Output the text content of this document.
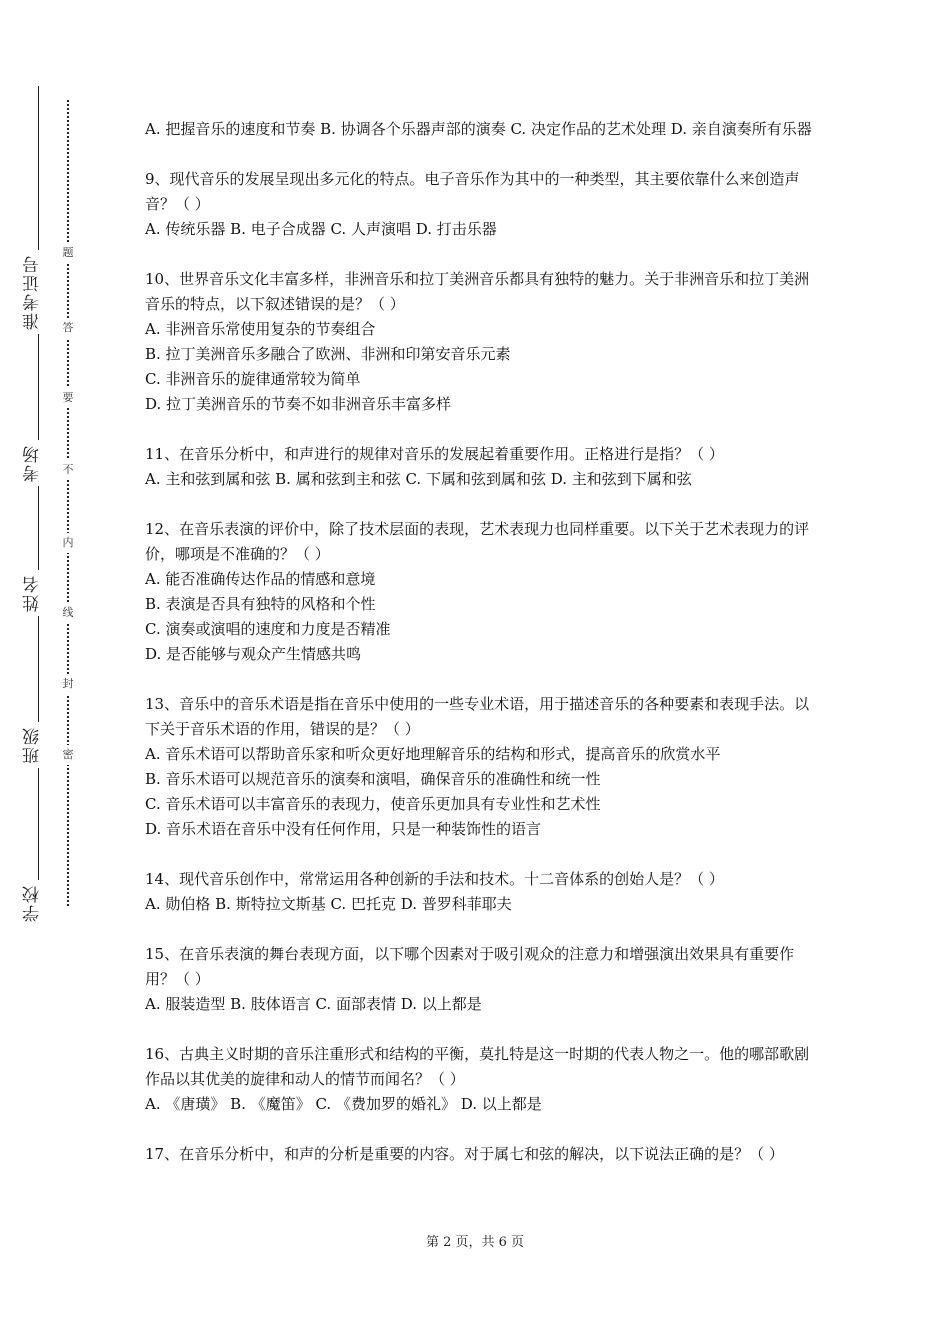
准考证号
考场
姓名
班级
学校
题
答
要
不
内
线
封
密

A. 把握音乐的速度和节奏 B. 协调各个乐器声部的演奏 C. 决定作品的艺术处理 D. 亲自演奏所有乐器

9、现代音乐的发展呈现出多元化的特点。电子音乐作为其中的一种类型，其主要依靠什么来创造声音？（ ）

A. 传统乐器 B. 电子合成器 C. 人声演唱 D. 打击乐器

10、世界音乐文化丰富多样，非洲音乐和拉丁美洲音乐都具有独特的魅力。关于非洲音乐和拉丁美洲音乐的特点，以下叙述错误的是？（ ）

A. 非洲音乐常使用复杂的节奏组合

B. 拉丁美洲音乐多融合了欧洲、非洲和印第安音乐元素

C. 非洲音乐的旋律通常较为简单

D. 拉丁美洲音乐的节奏不如非洲音乐丰富多样

11、在音乐分析中，和声进行的规律对音乐的发展起着重要作用。正格进行是指？（ ）

A. 主和弦到属和弦 B. 属和弦到主和弦 C. 下属和弦到属和弦 D. 主和弦到下属和弦

12、在音乐表演的评价中，除了技术层面的表现，艺术表现力也同样重要。以下关于艺术表现力的评价，哪项是不准确的？（ ）

A. 能否准确传达作品的情感和意境

B. 表演是否具有独特的风格和个性

C. 演奏或演唱的速度和力度是否精准

D. 是否能够与观众产生情感共鸣

13、音乐中的音乐术语是指在音乐中使用的一些专业术语，用于描述音乐的各种要素和表现手法。以下关于音乐术语的作用，错误的是？（ ）

A. 音乐术语可以帮助音乐家和听众更好地理解音乐的结构和形式，提高音乐的欣赏水平

B. 音乐术语可以规范音乐的演奏和演唱，确保音乐的准确性和统一性

C. 音乐术语可以丰富音乐的表现力，使音乐更加具有专业性和艺术性

D. 音乐术语在音乐中没有任何作用，只是一种装饰性的语言

14、现代音乐创作中，常常运用各种创新的手法和技术。十二音体系的创始人是？（ ）

A. 勋伯格 B. 斯特拉文斯基 C. 巴托克 D. 普罗科菲耶夫

15、在音乐表演的舞台表现方面，以下哪个因素对于吸引观众的注意力和增强演出效果具有重要作用？（ ）

A. 服装造型 B. 肢体语言 C. 面部表情 D. 以上都是

16、古典主义时期的音乐注重形式和结构的平衡，莫扎特是这一时期的代表人物之一。他的哪部歌剧作品以其优美的旋律和动人的情节而闻名？（ ）

A. 《唐璜》 B. 《魔笛》 C. 《费加罗的婚礼》 D. 以上都是

17、在音乐分析中，和声的分析是重要的内容。对于属七和弦的解决，以下说法正确的是？（ ）

第 2 页，共 6 页
